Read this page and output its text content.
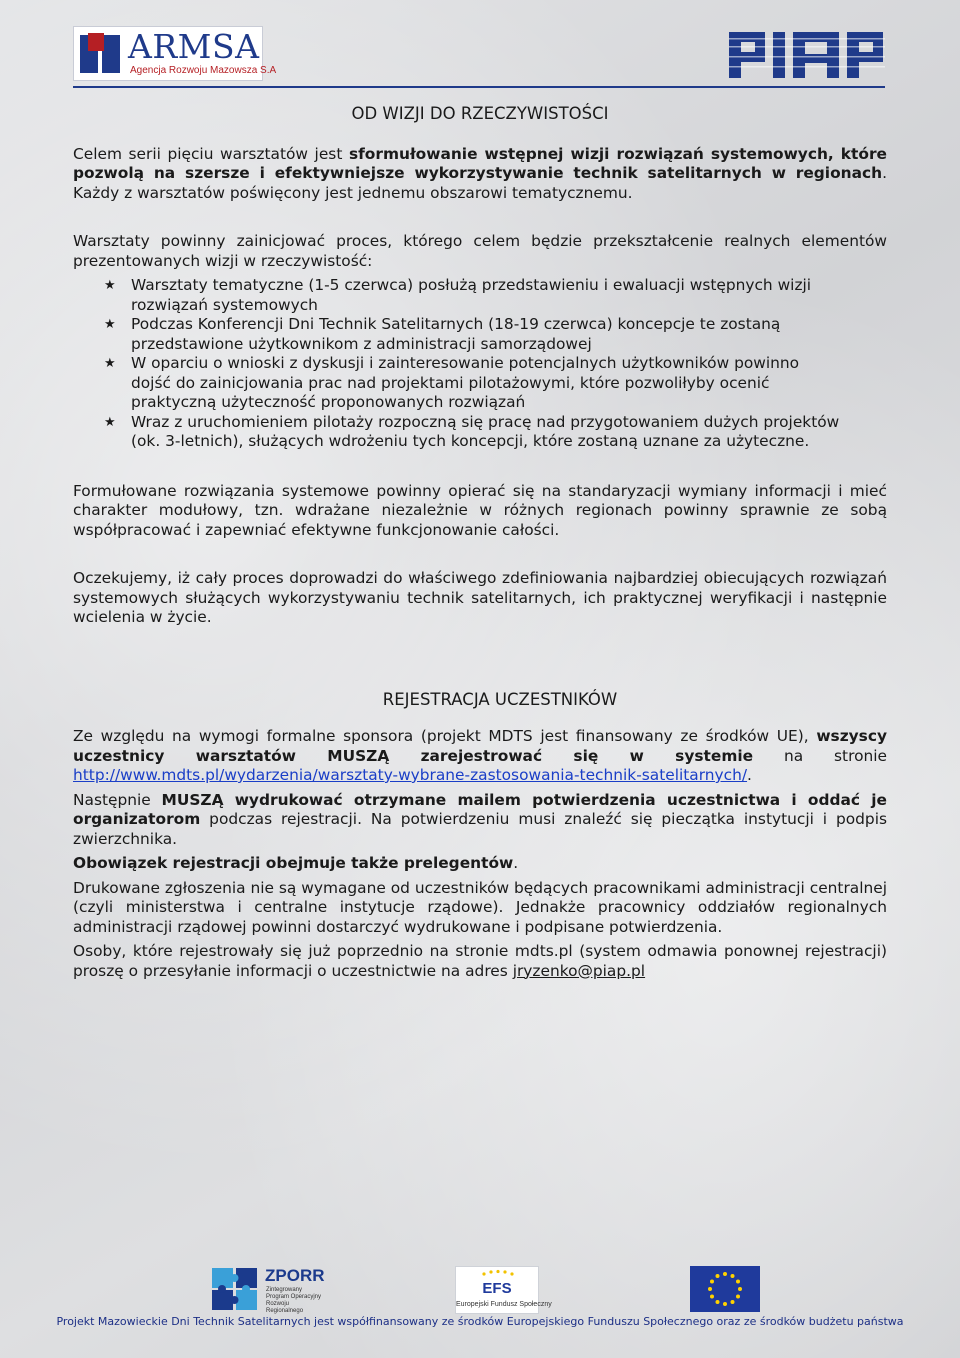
ARMSA
Agencja Rozwoju Mazowsza S.A
OD WIZJI DO RZECZYWISTOŚCI

Celem serii pięciu warsztatów jest sformułowanie wstępnej wizji rozwiązań systemowych, które pozwolą na szersze i efektywniejsze wykorzystywanie technik satelitarnych w regionach. Każdy z warsztatów poświęcony jest jednemu obszarowi tematycznemu.

Warsztaty powinny zainicjować proces, którego celem będzie przekształcenie realnych elementów prezentowanych wizji w rzeczywistość:

★ Warsztaty tematyczne (1-5 czerwca) posłużą przedstawieniu i ewaluacji wstępnych wizji rozwiązań systemowych
★ Podczas Konferencji Dni Technik Satelitarnych (18-19 czerwca) koncepcje te zostaną przedstawione użytkownikom z administracji samorządowej
★ W oparciu o wnioski z dyskusji i zainteresowanie potencjalnych użytkowników powinno dojść do zainicjowania prac nad projektami pilotażowymi, które pozwoliłyby ocenić praktyczną użyteczność proponowanych rozwiązań
★ Wraz z uruchomieniem pilotaży rozpoczną się pracę nad przygotowaniem dużych projektów (ok. 3-letnich), służących wdrożeniu tych koncepcji, które zostaną uznane za użyteczne.

Formułowane rozwiązania systemowe powinny opierać się na standaryzacji wymiany informacji i mieć charakter modułowy, tzn. wdrażane niezależnie w różnych regionach powinny sprawnie ze sobą współpracować i zapewniać efektywne funkcjonowanie całości.

Oczekujemy, iż cały proces doprowadzi do właściwego zdefiniowania najbardziej obiecujących rozwiązań systemowych służących wykorzystywaniu technik satelitarnych, ich praktycznej weryfikacji i następnie wcielenia w życie.

REJESTRACJA UCZESTNIKÓW

Ze względu na wymogi formalne sponsora (projekt MDTS jest finansowany ze środków UE), wszyscy uczestnicy warsztatów MUSZĄ zarejestrować się w systemie na stronie http://www.mdts.pl/wydarzenia/warsztaty-wybrane-zastosowania-technik-satelitarnych/.

Następnie MUSZĄ wydrukować otrzymane mailem potwierdzenia uczestnictwa i oddać je organizatorom podczas rejestracji. Na potwierdzeniu musi znaleźć się pieczątka instytucji i podpis zwierzchnika.

Obowiązek rejestracji obejmuje także prelegentów.

Drukowane zgłoszenia nie są wymagane od uczestników będących pracownikami administracji centralnej (czyli ministerstwa i centralne instytucje rządowe). Jednakże pracownicy oddziałów regionalnych administracji rządowej powinni dostarczyć wydrukowane i podpisane potwierdzenia.

Osoby, które rejestrowały się już poprzednio na stronie mdts.pl (system odmawia ponownej rejestracji) proszę o przesyłanie informacji o uczestnictwie na adres jryzenko@piap.pl

ZPORR
Zintegrowany Program Operacyjny Rozwoju Regionalnego
EFS
Europejski Fundusz Społeczny
Projekt Mazowieckie Dni Technik Satelitarnych jest współfinansowany ze środków Europejskiego Funduszu Społecznego oraz ze środków budżetu państwa
